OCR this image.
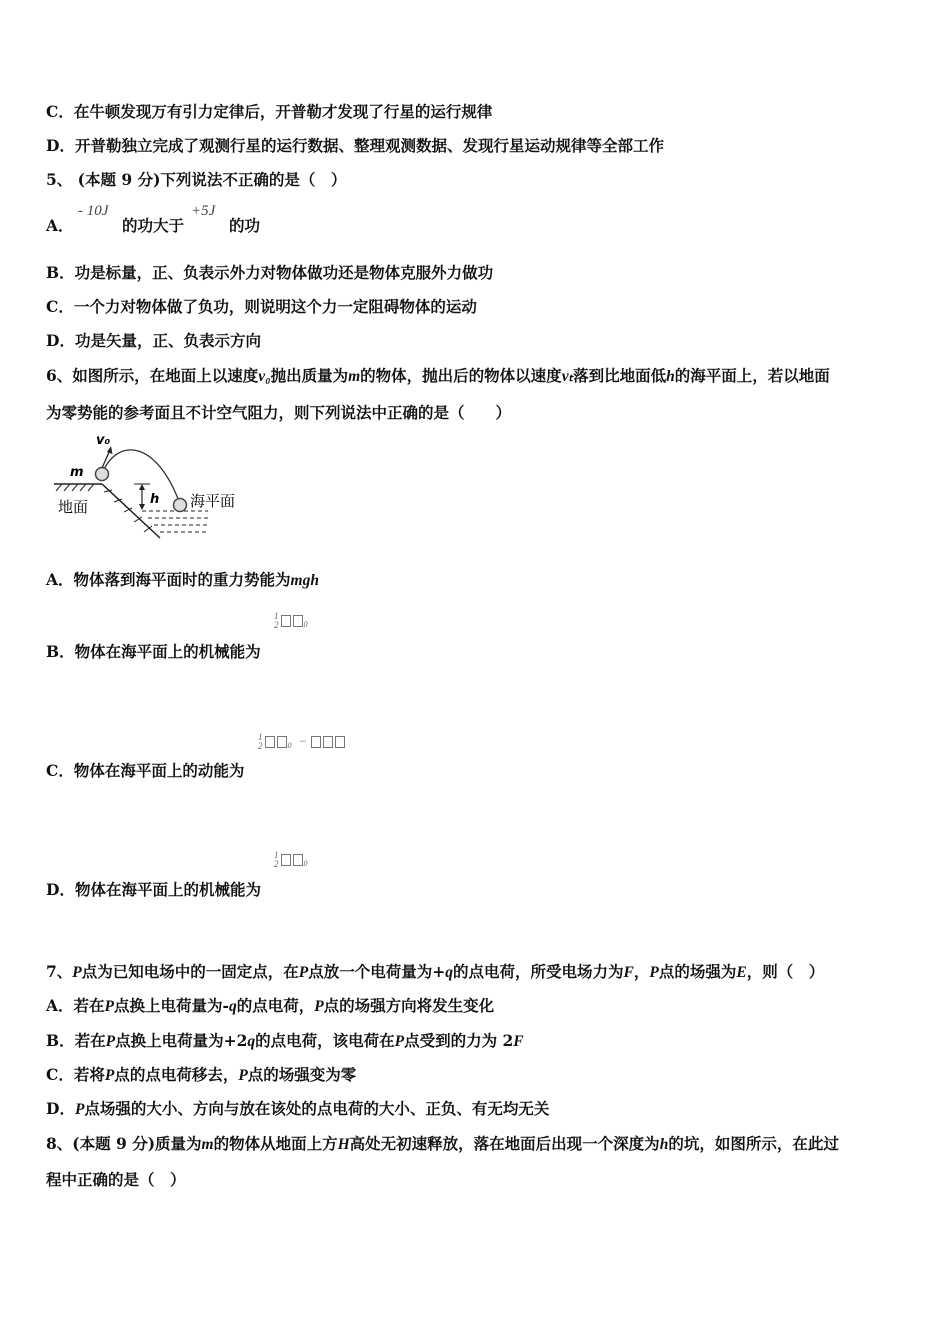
C．在牛顿发现万有引力定律后，开普勒才发现了行星的运行规律
D．开普勒独立完成了观测行星的运行数据、整理观测数据、发现行星运动规律等全部工作
5、 (本题 9 分)下列说法不正确的是（　）
A．
- 10J
的功大于
+5J
的功
B．功是标量，正、负表示外力对物体做功还是物体克服外力做功
C．一个力对物体做了负功，则说明这个力一定阻碍物体的运动
D．功是矢量，正、负表示方向
6、如图所示，在地面上以速度v₀抛出质量为m的物体，抛出后的物体以速度vₜ落到比地面低h的海平面上，若以地面
为零势能的参考面且不计空气阻力，则下列说法中正确的是（　　）
v₀
m
h
地面	海平面
A．物体落到海平面时的重力势能为mgh
1
2	$_0$
B．物体在海平面上的机械能为
1
2	$_0$ −
C．物体在海平面上的动能为
1
2	$_0$
D．物体在海平面上的机械能为
7、P点为已知电场中的一固定点，在P点放一个电荷量为+q的点电荷，所受电场力为F，P点的场强为E，则（　）
A．若在P点换上电荷量为-q的点电荷，P点的场强方向将发生变化
B．若在P点换上电荷量为+2q的点电荷，该电荷在P点受到的力为 2F
C．若将P点的点电荷移去，P点的场强变为零
D．P点场强的大小、方向与放在该处的点电荷的大小、正负、有无均无关
8、(本题 9 分)质量为m的物体从地面上方H高处无初速释放，落在地面后出现一个深度为h的坑，如图所示，在此过
程中正确的是（　）
